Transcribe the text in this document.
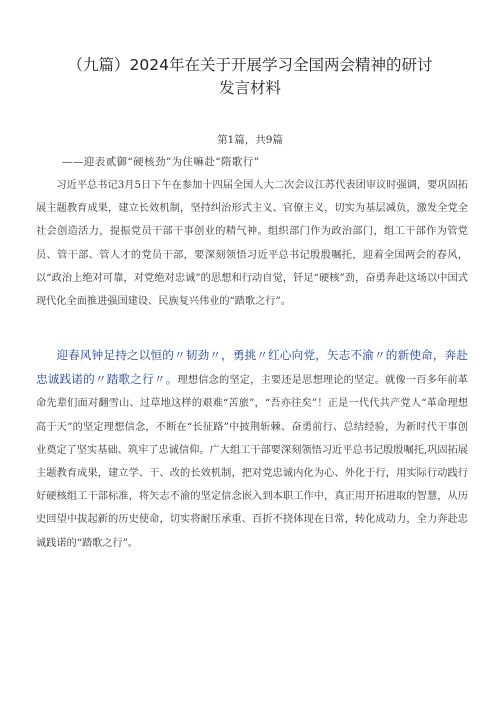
（九篇）2024年在关于开展学习全国两会精神的研讨
发言材料
第1篇，共9篇
——迎表贰御“硬核劲”为住嘛赴“隋歌行”

习近平总书记3月5日下午在参加十四届全国人大二次会议江苏代表团审议时强调，要巩固拓展主题教育成果，建立长效机制，坚持纠治形式主义、官僚主义，切实为基层减负，激发全党全社会创造活力，提振党员干部干事创业的精气神。组织部门作为政治部门，组工干部作为管党员、管干部、管人才的党员干部，要深刻领悟习近平总书记殷殷嘱托，迎着全国两会的春风，以“政治上绝对可靠，对党绝对忠诚”的思想和行动自觉，钎足“硬核”劲，奋勇奔赴这场以中国式现代化全面推进强国建设、民族复兴伟业的“踏歌之行”。

迎春风钟足持之以恒的〃韧劲〃，勇挑〃红心向党，矢志不渝〃的新使命，奔赴忠诚践诺的〃踏歌之行〃。理想信念的坚定，主要还是思想理论的坚定。就像一百多年前革命先辈们面对翻雪山、过草地这样的艰难“苦旅”，“吾亦往矣”！正是一代代共产党人“革命理想高于天”的坚定理想信念，不断在“长征路”中披荆斩棘、奋勇前行、总结经验，为新时代干事创业奠定了坚实基础、筑牢了忠诚信仰。广大组工干部要深刻领悟习近平总书记殷殷嘱托,巩固拓展主题教育成果，建立学、干、改的长效机制，把对党忠诚内化为心、外化于行，用实际行动践行好硬核组工干部标准，将矢志不渝的坚定信念嵌入到本职工作中，真正用开拓进取的智慧，从历史回望中拔起新的历史使命，切实将耐压承重、百折不挠体现在日常，转化成动力，全力奔赴忠诚践诺的“踏歌之行”。
